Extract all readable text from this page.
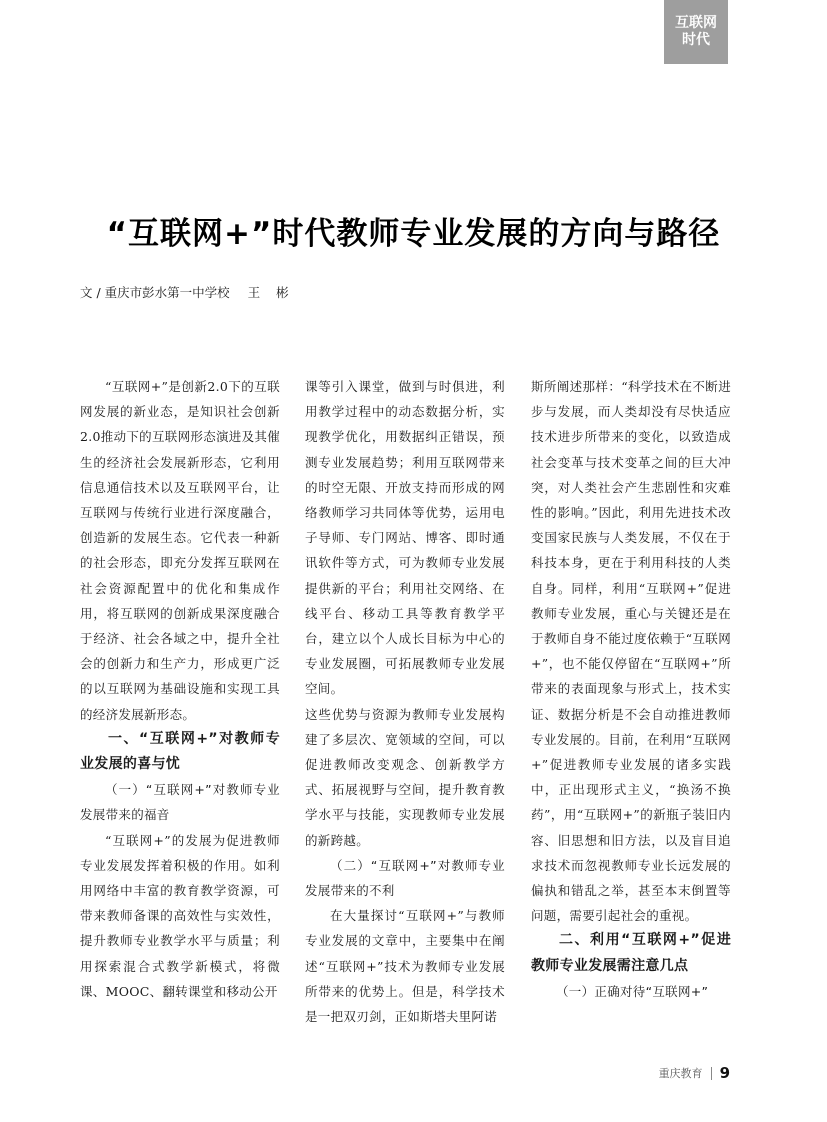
互联网
时代
“互联网+”时代教师专业发展的方向与路径
文 / 重庆市彭水第一中学校 王 彬

“互联网+”是创新2.0下的互联网发展的新业态，是知识社会创新2.0推动下的互联网形态演进及其催生的经济社会发展新形态，它利用信息通信技术以及互联网平台，让互联网与传统行业进行深度融合，创造新的发展生态。它代表一种新的社会形态，即充分发挥互联网在社会资源配置中的优化和集成作用，将互联网的创新成果深度融合于经济、社会各域之中，提升全社会的创新力和生产力，形成更广泛的以互联网为基础设施和实现工具的经济发展新形态。

一、“互联网+”对教师专业发展的喜与忧

（一）“互联网+”对教师专业发展带来的福音

“互联网+”的发展为促进教师专业发展发挥着积极的作用。如利用网络中丰富的教育教学资源，可带来教师备课的高效性与实效性，提升教师专业教学水平与质量；利用探索混合式教学新模式，将微课、MOOC、翻转课堂和移动公开

课等引入课堂，做到与时俱进，利用教学过程中的动态数据分析，实现教学优化，用数据纠正错误，预测专业发展趋势；利用互联网带来的时空无限、开放支持而形成的网络教师学习共同体等优势，运用电子导师、专门网站、博客、即时通讯软件等方式，可为教师专业发展提供新的平台；利用社交网络、在线平台、移动工具等教育教学平台，建立以个人成长目标为中心的专业发展圈，可拓展教师专业发展空间。

这些优势与资源为教师专业发展构建了多层次、宽领域的空间，可以促进教师改变观念、创新教学方式、拓展视野与空间，提升教育教学水平与技能，实现教师专业发展的新跨越。

（二）“互联网+”对教师专业发展带来的不利

在大量探讨“互联网+”与教师专业发展的文章中，主要集中在阐述“互联网+”技术为教师专业发展所带来的优势上。但是，科学技术是一把双刃剑，正如斯塔夫里阿诺

斯所阐述那样：“科学技术在不断进步与发展，而人类却没有尽快适应技术进步所带来的变化，以致造成社会变革与技术变革之间的巨大冲突，对人类社会产生悲剧性和灾难性的影响。”因此，利用先进技术改变国家民族与人类发展，不仅在于科技本身，更在于利用科技的人类自身。同样，利用“互联网+”促进教师专业发展，重心与关键还是在于教师自身不能过度依赖于“互联网+”，也不能仅停留在“互联网+”所带来的表面现象与形式上，技术实证、数据分析是不会自动推进教师专业发展的。目前，在利用“互联网+”促进教师专业发展的诸多实践中，正出现形式主义，“换汤不换药”，用“互联网+”的新瓶子装旧内容、旧思想和旧方法，以及盲目追求技术而忽视教师专业长远发展的偏执和错乱之举，甚至本末倒置等问题，需要引起社会的重视。

二、利用“互联网+”促进教师专业发展需注意几点

（一）正确对待“互联网+”

重庆教育 9
